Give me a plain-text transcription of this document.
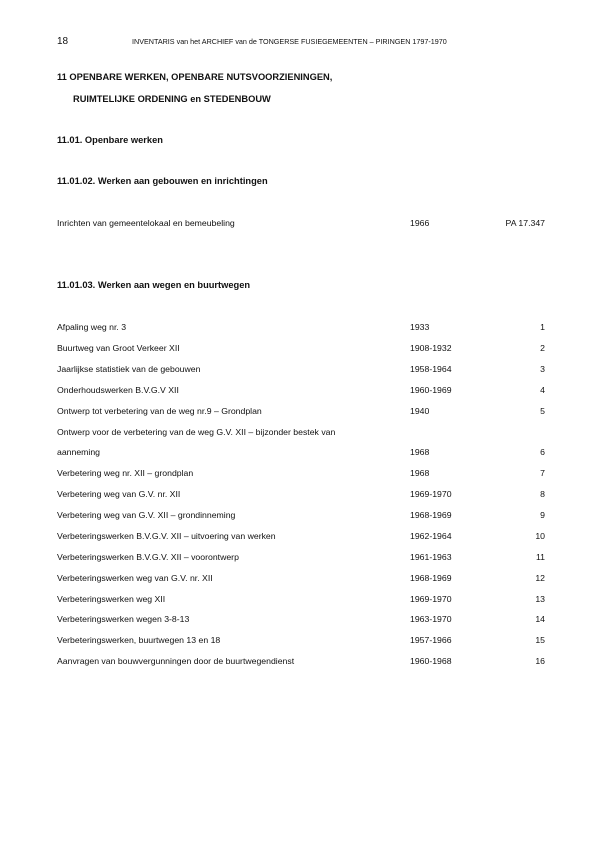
18	INVENTARIS van het ARCHIEF van de TONGERSE FUSIEGEMEENTEN – PIRINGEN 1797-1970
11 OPENBARE WERKEN, OPENBARE NUTSVOORZIENINGEN,
RUIMTELIJKE ORDENING en STEDENBOUW
11.01. Openbare werken
11.01.02. Werken aan gebouwen en inrichtingen
Inrichten van gemeentelokaal en bemeubeling	1966	PA 17.347
11.01.03. Werken aan wegen en buurtwegen
Afpaling weg nr. 3	1933	1
Buurtweg van Groot Verkeer XII	1908-1932	2
Jaarlijkse statistiek van de gebouwen	1958-1964	3
Onderhoudswerken B.V.G.V XII	1960-1969	4
Ontwerp tot verbetering van de weg nr.9 – Grondplan	1940	5
Ontwerp voor de verbetering van de weg G.V. XII – bijzonder bestek van
aanneming	1968	6
Verbetering weg nr. XII – grondplan	1968	7
Verbetering weg van G.V. nr. XII	1969-1970	8
Verbetering weg van G.V. XII – grondinneming	1968-1969	9
Verbeteringswerken B.V.G.V. XII – uitvoering van werken	1962-1964	10
Verbeteringswerken B.V.G.V. XII – voorontwerp	1961-1963	11
Verbeteringswerken weg van G.V. nr. XII	1968-1969	12
Verbeteringswerken weg XII	1969-1970	13
Verbeteringswerken wegen 3-8-13	1963-1970	14
Verbeteringswerken, buurtwegen 13 en 18	1957-1966	15
Aanvragen van bouwvergunningen door de buurtwegendienst	1960-1968	16
